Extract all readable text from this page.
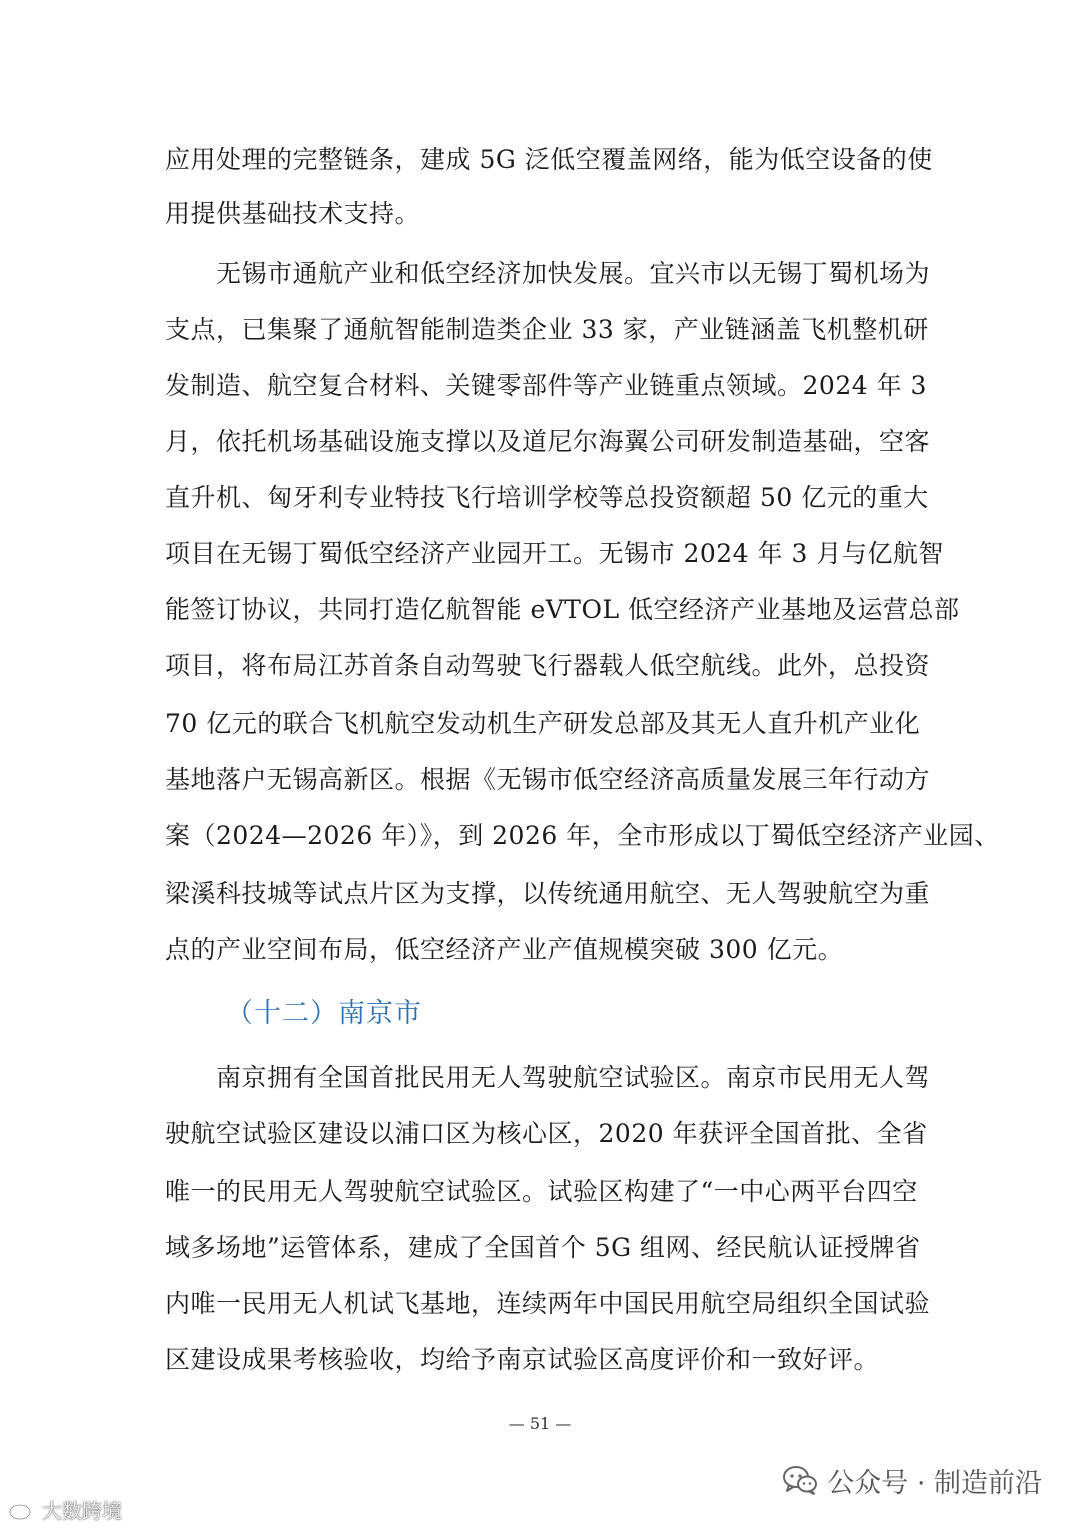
应用处理的完整链条，建成 5G 泛低空覆盖网络，能为低空设备的使
用提供基础技术支持。
无锡市通航产业和低空经济加快发展。宜兴市以无锡丁蜀机场为
支点，已集聚了通航智能制造类企业 33 家，产业链涵盖飞机整机研
发制造、航空复合材料、关键零部件等产业链重点领域。2024 年 3
月，依托机场基础设施支撑以及道尼尔海翼公司研发制造基础，空客
直升机、匈牙利专业特技飞行培训学校等总投资额超 50 亿元的重大
项目在无锡丁蜀低空经济产业园开工。无锡市 2024 年 3 月与亿航智
能签订协议，共同打造亿航智能 eVTOL 低空经济产业基地及运营总部
项目，将布局江苏首条自动驾驶飞行器载人低空航线。此外，总投资
70 亿元的联合飞机航空发动机生产研发总部及其无人直升机产业化
基地落户无锡高新区。根据《无锡市低空经济高质量发展三年行动方
案（2024—2026 年）》，到 2026 年，全市形成以丁蜀低空经济产业园、
梁溪科技城等试点片区为支撑，以传统通用航空、无人驾驶航空为重
点的产业空间布局，低空经济产业产值规模突破 300 亿元。
（十二）南京市
南京拥有全国首批民用无人驾驶航空试验区。南京市民用无人驾
驶航空试验区建设以浦口区为核心区，2020 年获评全国首批、全省
唯一的民用无人驾驶航空试验区。试验区构建了“一中心两平台四空
域多场地”运管体系，建成了全国首个 5G 组网、经民航认证授牌省
内唯一民用无人机试飞基地，连续两年中国民用航空局组织全国试验
区建设成果考核验收，均给予南京试验区高度评价和一致好评。
— 51 —
公众号 · 制造前沿
大数跨境
